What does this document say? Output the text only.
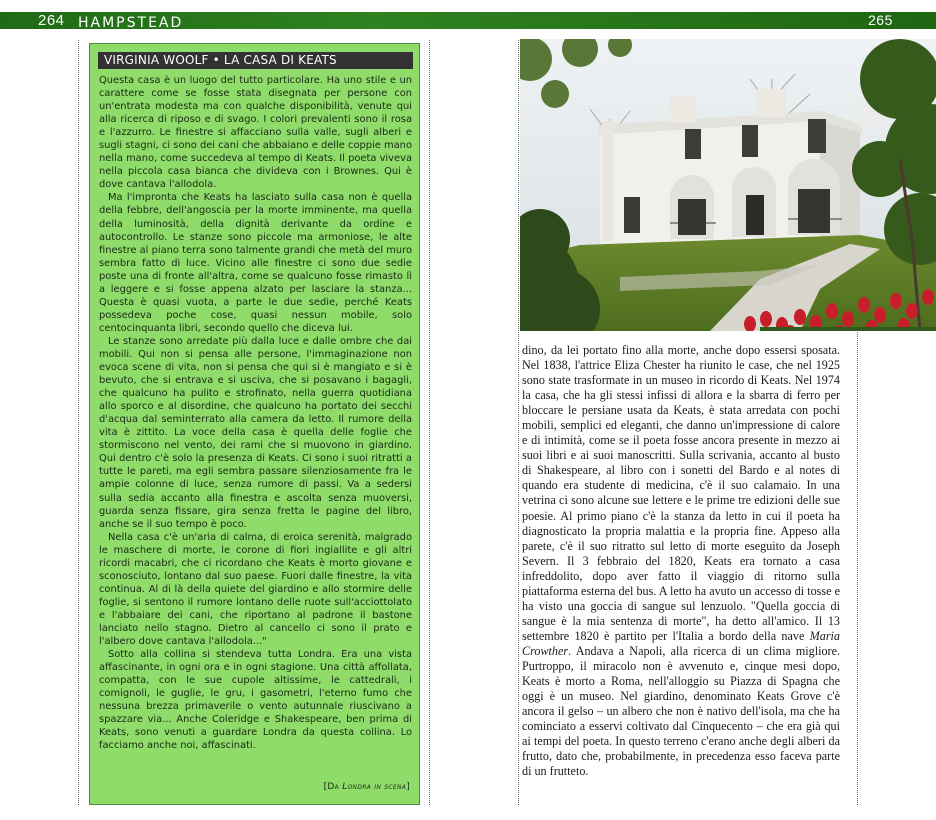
264 HAMPSTEAD	265
VIRGINIA WOOLF • LA CASA DI KEATS

Questa casa è un luogo del tutto particolare. Ha uno stile e un carattere come se fosse stata disegnata per persone con un'entrata modesta ma con qualche disponibilità, venute qui alla ricerca di riposo e di svago. I colori prevalenti sono il rosa e l'azzurro. Le finestre si affacciano sulla valle, sugli alberi e sugli stagni, ci sono dei cani che abbaiano e delle coppie mano nella mano, come succedeva al tempo di Keats. Il poeta viveva nella piccola casa bianca che divideva con i Brownes. Qui è dove cantava l'allodola.

Ma l'impronta che Keats ha lasciato sulla casa non è quella della febbre, dell'angoscia per la morte imminente, ma quella della luminosità, della dignità derivante da ordine e autocontrollo. Le stanze sono piccole ma armoniose, le alte finestre al piano terra sono talmente grandi che metà del muro sembra fatto di luce. Vicino alle finestre ci sono due sedie poste una di fronte all'altra, come se qualcuno fosse rimasto lì a leggere e si fosse appena alzato per lasciare la stanza... Questa è quasi vuota, a parte le due sedie, perché Keats possedeva poche cose, quasi nessun mobile, solo centocinquanta libri, secondo quello che diceva lui.

Le stanze sono arredate più dalla luce e dalle ombre che dai mobili. Qui non si pensa alle persone, l'immaginazione non evoca scene di vita, non si pensa che qui si è mangiato e si è bevuto, che si entrava e si usciva, che si posavano i bagagli, che qualcuno ha pulito e strofinato, nella guerra quotidiana allo sporco e al disordine, che qualcuno ha portato dei secchi d'acqua dal seminterrato alla camera da letto. Il rumore della vita è zittito. La voce della casa è quella delle foglie che stormiscono nel vento, dei rami che si muovono in giardino. Qui dentro c'è solo la presenza di Keats. Ci sono i suoi ritratti a tutte le pareti, ma egli sembra passare silenziosamente fra le ampie colonne di luce, senza rumore di passi. Va a sedersi sulla sedia accanto alla finestra e ascolta senza muoversi, guarda senza fissare, gira senza fretta le pagine del libro, anche se il suo tempo è poco.

Nella casa c'è un'aria di calma, di eroica serenità, malgrado le maschere di morte, le corone di fiori ingiallite e gli altri ricordi macabri, che ci ricordano che Keats è morto giovane e sconosciuto, lontano dal suo paese. Fuori dalle finestre, la vita continua. Al di là della quiete del giardino e allo stormire delle foglie, si sentono il rumore lontano delle ruote sull'acciottolato e l'abbaiare dei cani, che riportano al padrone il bastone lanciato nello stagno. Dietro al cancello ci sono il prato e l'albero dove cantava l'allodola..."

Sotto alla collina si stendeva tutta Londra. Era una vista affascinante, in ogni ora e in ogni stagione. Una città affollata, compatta, con le sue cupole altissime, le cattedrali, i comignoli, le guglie, le gru, i gasometri, l'eterno fumo che nessuna brezza primaverile o vento autunnale riuscivano a spazzare via... Anche Coleridge e Shakespeare, ben prima di Keats, sono venuti a guardare Londra da questa collina. Lo facciamo anche noi, affascinati.

[Da Londra in scena]

dino, da lei portato fino alla morte, anche dopo essersi sposata. Nel 1838, l'attrice Eliza Chester ha riunito le case, che nel 1925 sono state trasformate in un museo in ricordo di Keats. Nel 1974 la casa, che ha gli stessi infissi di allora e la sbarra di ferro per bloccare le persiane usata da Keats, è stata arredata con pochi mobili, semplici ed eleganti, che danno un'impressione di calore e di intimità, come se il poeta fosse ancora presente in mezzo ai suoi libri e ai suoi manoscritti. Sulla scrivania, accanto al busto di Shakespeare, al libro con i sonetti del Bardo e al notes di quando era studente di medicina, c'è il suo calamaio. In una vetrina ci sono alcune sue lettere e le prime tre edizioni delle sue poesie. Al primo piano c'è la stanza da letto in cui il poeta ha diagnosticato la propria malattia e la propria fine. Appeso alla parete, c'è il suo ritratto sul letto di morte eseguito da Joseph Severn. Il 3 febbraio del 1820, Keats era tornato a casa infreddolito, dopo aver fatto il viaggio di ritorno sulla piattaforma esterna del bus. A letto ha avuto un accesso di tosse e ha visto una goccia di sangue sul lenzuolo. "Quella goccia di sangue è la mia sentenza di morte", ha detto all'amico. Il 13 settembre 1820 è partito per l'Italia a bordo della nave Maria Crowther. Andava a Napoli, alla ricerca di un clima migliore. Purtroppo, il miracolo non è avvenuto e, cinque mesi dopo, Keats è morto a Roma, nell'alloggio su Piazza di Spagna che oggi è un museo. Nel giardino, denominato Keats Grove c'è ancora il gelso – un albero che non è nativo dell'isola, ma che ha cominciato a esservi coltivato dal Cinquecento – che era già qui ai tempi del poeta. In questo terreno c'erano anche degli alberi da frutto, dato che, probabilmente, in precedenza esso faceva parte di un frutteto.
